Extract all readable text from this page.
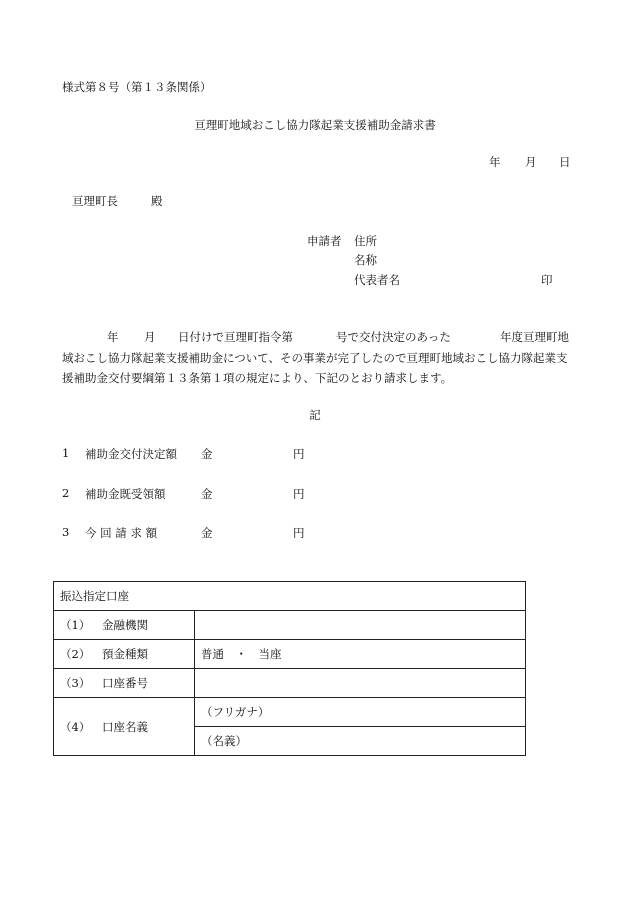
様式第８号（第１３条関係）
亘理町地域おこし協力隊起業支援補助金請求書
年 月 日
亘理町長	殿
申請者 住所
名称
代表者名	印
年 月 日付けで亘理町指令第	号で交付決定のあった	年度亘理町地
域おこし協力隊起業支援補助金について、その事業が完了したので亘理町地域おこし協力隊起業支
援補助金交付要綱第１３条第１項の規定により、下記のとおり請求します。
記
1 補助金交付決定額 金	円
2 補助金既受領額	金	円
3 今 回 請 求 額	金	円
振込指定口座	
（1） 金融機関	
（2） 預金種類	普通　・　当座
（3） 口座番号	
（4） 口座名義	（フリガナ）
	（名義）
